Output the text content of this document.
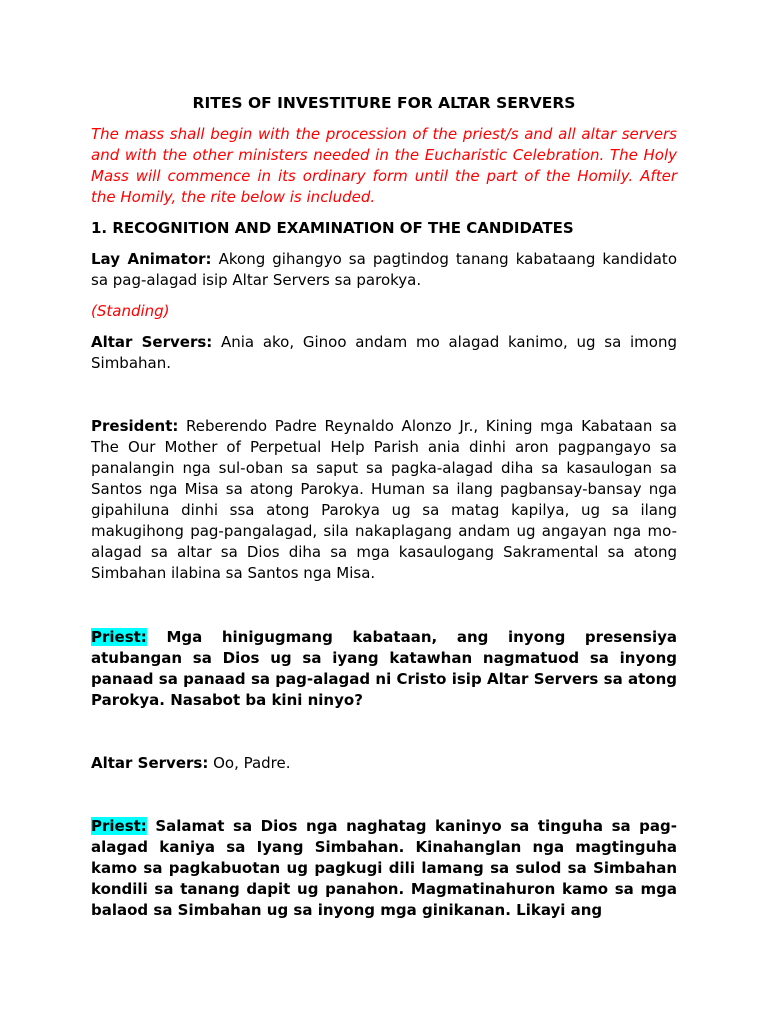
RITES OF INVESTITURE FOR ALTAR SERVERS

The mass shall begin with the procession of the priest/s and all altar servers and with the other ministers needed in the Eucharistic Celebration. The Holy Mass will commence in its ordinary form until the part of the Homily. After the Homily, the rite below is included.

1. RECOGNITION AND EXAMINATION OF THE CANDIDATES

Lay Animator: Akong gihangyo sa pagtindog tanang kabataang kandidato sa pag-alagad isip Altar Servers sa parokya.

(Standing)

Altar Servers: Ania ako, Ginoo andam mo alagad kanimo, ug sa imong Simbahan.

President: Reberendo Padre Reynaldo Alonzo Jr., Kining mga Kabataan sa The Our Mother of Perpetual Help Parish ania dinhi aron pagpangayo sa panalangin nga sul-oban sa saput sa pagka-alagad diha sa kasaulogan sa Santos nga Misa sa atong Parokya. Human sa ilang pagbansay-bansay nga gipahiluna dinhi ssa atong Parokya ug sa matag kapilya, ug sa ilang makugihong pag-pangalagad, sila nakaplagang andam ug angayan nga mo-alagad sa altar sa Dios diha sa mga kasaulogang Sakramental sa atong Simbahan ilabina sa Santos nga Misa.

Priest: Mga hinigugmang kabataan, ang inyong presensiya atubangan sa Dios ug sa iyang katawhan nagmatuod sa inyong panaad sa panaad sa pag-alagad ni Cristo isip Altar Servers sa atong Parokya. Nasabot ba kini ninyo?

Altar Servers: Oo, Padre.

Priest: Salamat sa Dios nga naghatag kaninyo sa tinguha sa pag-alagad kaniya sa Iyang Simbahan. Kinahanglan nga magtinguha kamo sa pagkabuotan ug pagkugi dili lamang sa sulod sa Simbahan kondili sa tanang dapit ug panahon. Magmatinahuron kamo sa mga balaod sa Simbahan ug sa inyong mga ginikanan. Likayi ang
